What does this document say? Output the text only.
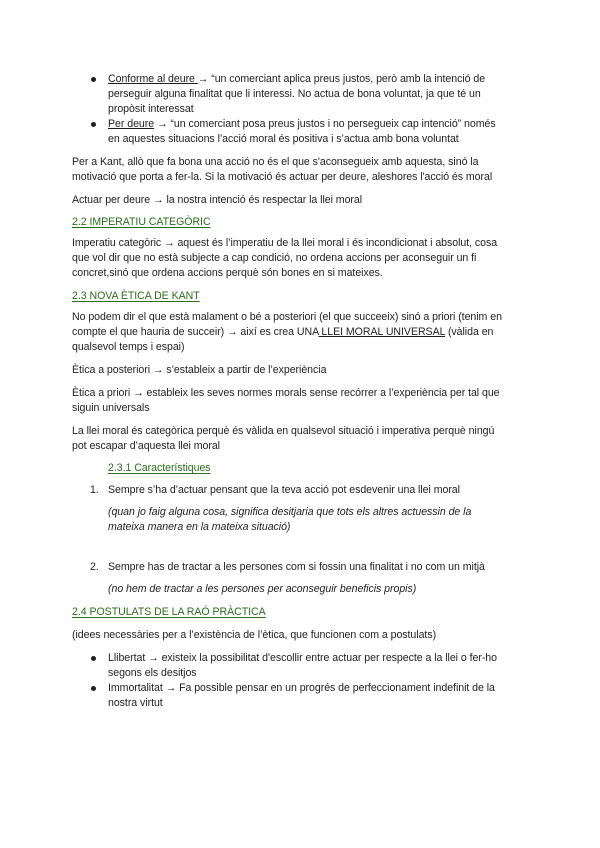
Conforme al deure → “un comerciant aplica preus justos, però amb la intenció de
perseguir alguna finalitat que li interessi. No actua de bona voluntat, ja que té un
propòsit interessat
Per deure → “un comerciant posa preus justos i no persegueix cap intenció” només
en aquestes situacions l’acció moral és positiva i s’actua amb bona voluntat
Per a Kant, allò que fa bona una acció no és el que s'aconsegueix amb aquesta, sinó la
motivació que porta a fer-la. Si la motivació és actuar per deure, aleshores l'acció és moral
Actuar per deure → la nostra intenció és respectar la llei moral
2.2 IMPERATIU CATEGÒRIC
Imperatiu categòric → aquest és l’imperatiu de la llei moral i és incondicionat i absolut, cosa
que vol dir que no està subjecte a cap condició, no ordena accions per aconseguir un fi
concret,sinó que ordena accions perquè són bones en si mateixes.
2.3 NOVA ÈTICA DE KANT
No podem dir el que està malament o bé a posteriori (el que succeeix) sinó a priori (tenim en
compte el que hauria de succeir) → així es crea UNA LLEI MORAL UNIVERSAL (vàlida en
qualsevol temps i espai)
Ètica a posteriori → s’estableix a partir de l’experiència
Ètica a priori → estableix les seves normes morals sense recórrer a l’experiència per tal que
siguin universals
La llei moral és categòrica perquè és vàlida en qualsevol situació i imperativa perquè ningú
pot escapar d’aquesta llei moral
2.3.1 Característiques
1. Sempre s’ha d’actuar pensant que la teva acció pot esdevenir una llei moral
(quan jo faig alguna cosa, significa desitjaria que tots els altres actuessin de la
mateixa manera en la mateixa situació)
2. Sempre has de tractar a les persones com si fossin una finalitat i no com un mitjà
(no hem de tractar a les persones per aconseguir beneficis propis)
2.4 POSTULATS DE LA RAÓ PRÀCTICA
(idees necessàries per a l’existència de l’ètica, que funcionen com a postulats)
Llibertat → existeix la possibilitat d'escollir entre actuar per respecte a la llei o fer-ho
segons els desitjos
Immortalitat → Fa possible pensar en un progrés de perfeccionament indefinit de la
nostra virtut
